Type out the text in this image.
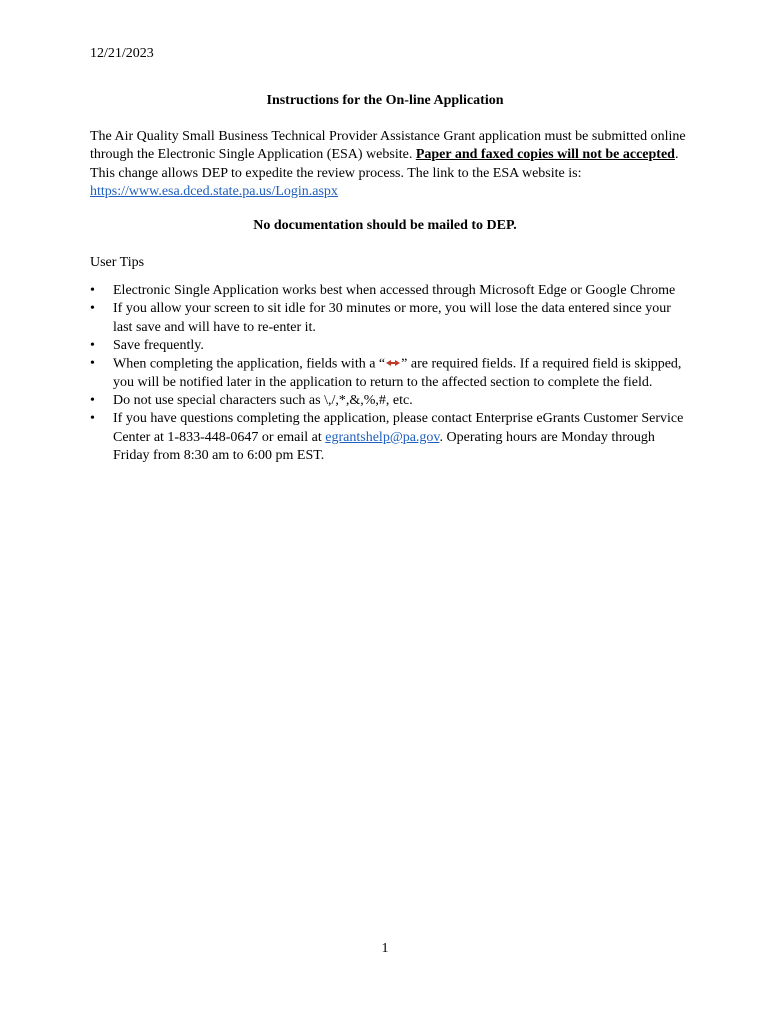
12/21/2023
Instructions for the On-line Application

The Air Quality Small Business Technical Provider Assistance Grant application must be submitted online through the Electronic Single Application (ESA) website. Paper and faxed copies will not be accepted. This change allows DEP to expedite the review process. The link to the ESA website is: https://www.esa.dced.state.pa.us/Login.aspx

No documentation should be mailed to DEP.
User Tips
• Electronic Single Application works best when accessed through Microsoft Edge or Google Chrome
• If you allow your screen to sit idle for 30 minutes or more, you will lose the data entered since your last save and will have to re-enter it.
• Save frequently.
• When completing the application, fields with a “ ” are required fields. If a required field is skipped, you will be notified later in the application to return to the affected section to complete the field.
• Do not use special characters such as \,/,*,&,%,#, etc.
• If you have questions completing the application, please contact Enterprise eGrants Customer Service Center at 1-833-448-0647 or email at egrantshelp@pa.gov. Operating hours are Monday through Friday from 8:30 am to 6:00 pm EST.
1
